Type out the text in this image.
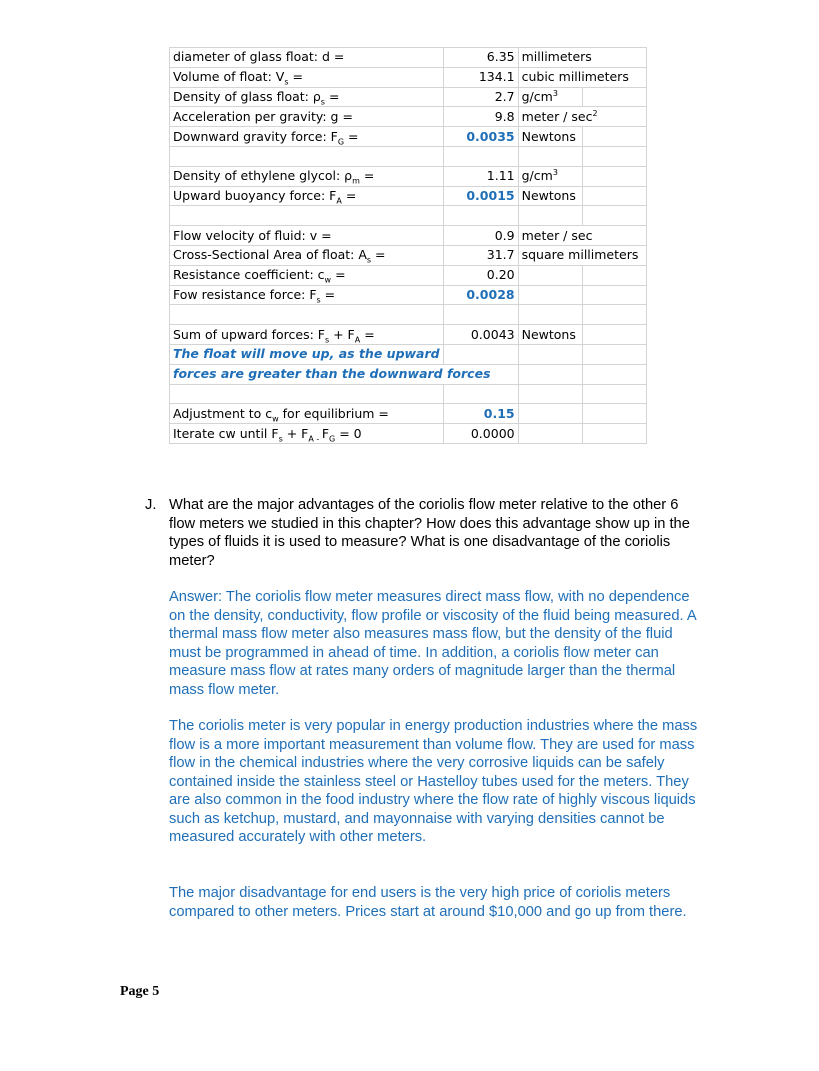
diameter of glass float: d =	6.35	millimeters	
Volume of float: $V_s$ =	134.1	cubic millimeters	
Density of glass float: $\rho_s$ =	2.7	$g/cm^3$	
Acceleration per gravity: g =	9.8	meter / $\sec^2$
Downward gravity force: $F_G$ =	0.0035	Newtons	

Density of ethylene glycol: $\rho_m$ =	1.11	$g/cm^3$	
Upward buoyancy force: $F_A$ =	0.0015	Newtons	

Flow velocity of fluid: v =	0.9	meter / sec	
Cross-Sectional Area of float: $A_s$ =	31.7	square millimeters	
Resistance coefficient: $c_w$ =	0.20		
Fow resistance force: $F_s$ =	0.0028		

Sum of upward forces: $F_s + F_A$ =	0.0043	Newtons	
The float will move up, as the upward			
forces are greater than the downward forces			

Adjustment to $c_w$ for equilibrium =	0.15		
Iterate cw until $F_s + F_{A -}$ $F_G = 0$	0.0000		
J. What are the major advantages of the coriolis flow meter relative to the other 6 flow meters we studied in this chapter? How does this advantage show up in the types of fluids it is used to measure? What is one disadvantage of the coriolis meter?
Answer: The coriolis flow meter measures direct mass flow, with no dependence on the density, conductivity, flow profile or viscosity of the fluid being measured. A thermal mass flow meter also measures mass flow, but the density of the fluid must be programmed in ahead of time. In addition, a coriolis flow meter can measure mass flow at rates many orders of magnitude larger than the thermal mass flow meter.
The coriolis meter is very popular in energy production industries where the mass flow is a more important measurement than volume flow. They are used for mass flow in the chemical industries where the very corrosive liquids can be safely contained inside the stainless steel or Hastelloy tubes used for the meters. They are also common in the food industry where the flow rate of highly viscous liquids such as ketchup, mustard, and mayonnaise with varying densities cannot be measured accurately with other meters.
The major disadvantage for end users is the very high price of coriolis meters compared to other meters. Prices start at around $10,000 and go up from there.
Page 5
